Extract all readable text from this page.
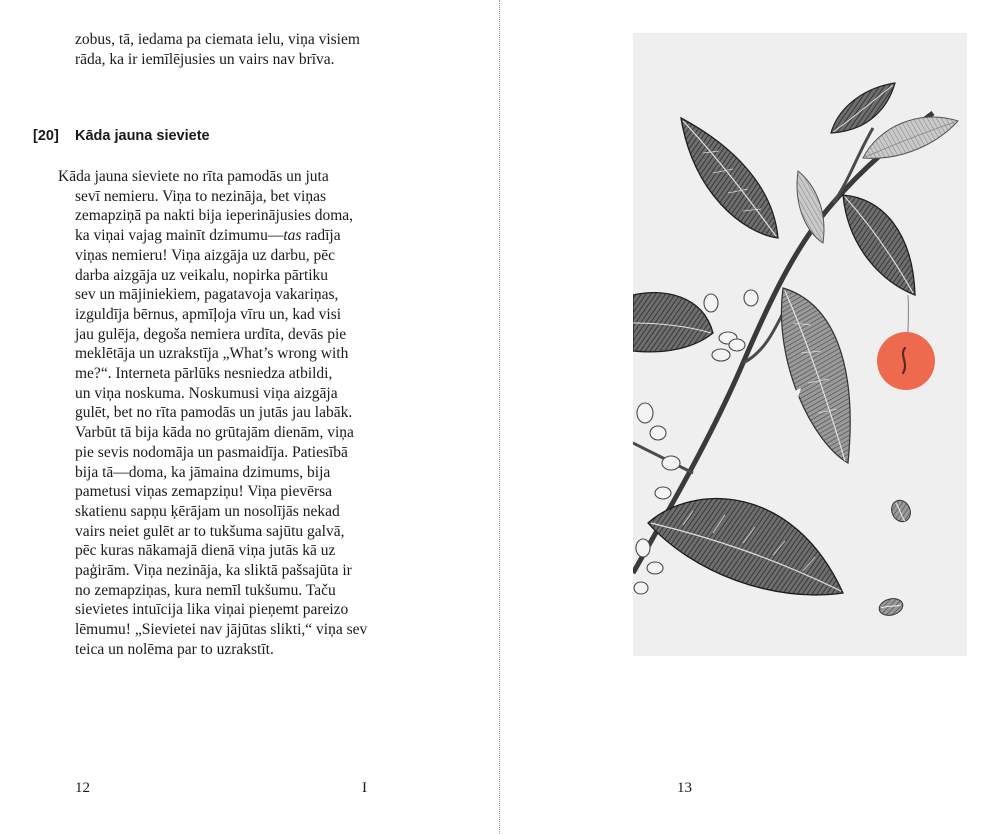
zobus, tā, iedama pa ciemata ielu, viņa visiem
rāda, ka ir iemīlējusies un vairs nav brīva.
[20] Kāda jauna sieviete
Kāda jauna sieviete no rīta pamodās un juta
sevī nemieru. Viņa to nezināja, bet viņas
zemapziņā pa nakti bija ieperinājusies doma,
ka viņai vajag mainīt dzimumu—tas radīja
viņas nemieru! Viņa aizgāja uz darbu, pēc
darba aizgāja uz veikalu, nopirka pārtiku
sev un mājiniekiem, pagatavoja vakariņas,
izguldīja bērnus, apmīļoja vīru un, kad visi
jau gulēja, degoša nemiera urdīta, devās pie
meklētāja un uzrakstīja „What’s wrong with
me?“. Interneta pārlūks nesniedza atbildi,
un viņa noskuma. Noskumusi viņa aizgāja
gulēt, bet no rīta pamodās un jutās jau labāk.
Varbūt tā bija kāda no grūtajām dienām, viņa
pie sevis nodomāja un pasmaidīja. Patiesībā
bija tā—doma, ka jāmaina dzimums, bija
pametusi viņas zemapziņu! Viņa pievērsa
skatienu sapņu ķērājam un nosolījās nekad
vairs neiet gulēt ar to tukšuma sajūtu galvā,
pēc kuras nākamajā dienā viņa jutās kā uz
paģirām. Viņa nezināja, ka sliktā pašsajūta ir
no zemapziņas, kura nemīl tukšumu. Taču
sievietes intuīcija lika viņai pieņemt pareizo
lēmumu! „Sievietei nav jājūtas slikti,“ viņa sev
teica un nolēma par to uzrakstīt.
12	I	13
